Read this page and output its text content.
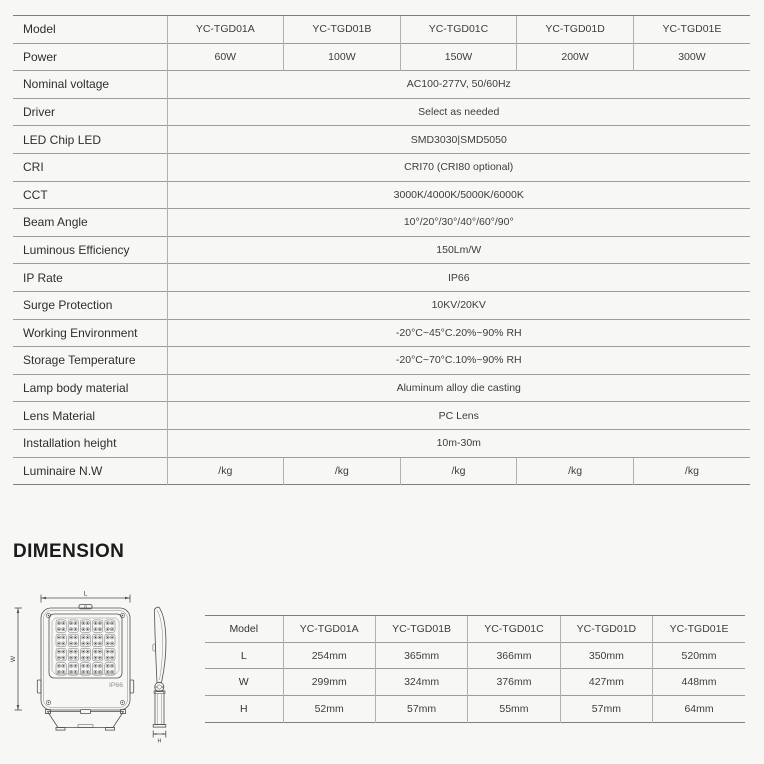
Model	YC-TGD01A	YC-TGD01B	YC-TGD01C	YC-TGD01D	YC-TGD01E
Power	60W	100W	150W	200W	300W
Nominal voltage	AC100-277V, 50/60Hz				
Driver	Select as needed				
LED Chip LED	SMD3030|SMD5050				
CRI	CRI70 (CRI80 optional)				
CCT	3000K/4000K/5000K/6000K				
Beam Angle	10°/20°/30°/40°/60°/90°				
Luminous Efficiency	150Lm/W				
IP Rate	IP66				
Surge Protection	10KV/20KV				
Working Environment	-20°C~45°C.20%~90% RH				
Storage Temperature	-20°C~70°C.10%~90% RH				
Lamp body material	Aluminum alloy die casting				
Lens Material	PC Lens				
Installation height	10m-30m				
Luminaire N.W	/kg	/kg	/kg	/kg	/kg
DIMENSION
L
W
IP66
H
Model	YC-TGD01A	YC-TGD01B	YC-TGD01C	YC-TGD01D	YC-TGD01E
L	254mm	365mm	366mm	350mm	520mm
W	299mm	324mm	376mm	427mm	448mm
H	52mm	57mm	55mm	57mm	64mm
